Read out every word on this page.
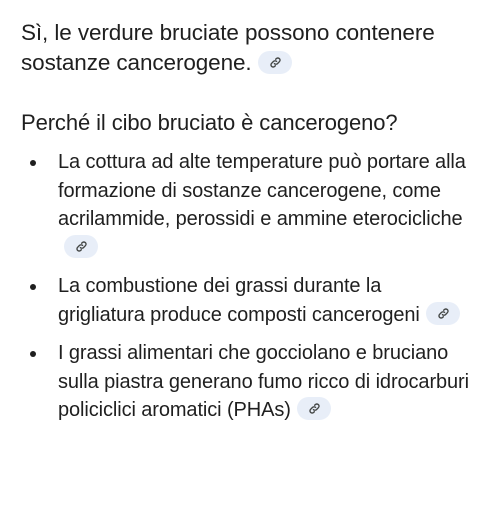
Sì, le verdure bruciate possono contenere sostanze cancerogene.

Perché il cibo bruciato è cancerogeno?
La cottura ad alte temperature può portare alla formazione di sostanze cancerogene, come acrilammide, perossidi e ammine eterocicliche
La combustione dei grassi durante la grigliatura produce composti cancerogeni
I grassi alimentari che gocciolano e bruciano sulla piastra generano fumo ricco di idrocarburi policiclici aromatici (PHAs)
